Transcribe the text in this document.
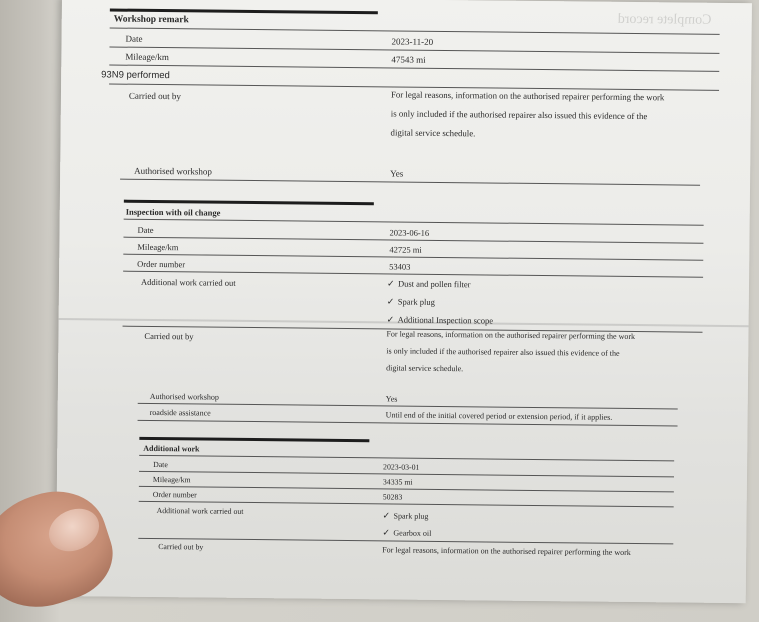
Complete record
Workshop remark
Date	2023-11-20
Mileage/km	47543 mi
93N9 performed
Carried out by	For legal reasons, information on the authorised repairer performing the work
is only included if the authorised repairer also issued this evidence of the
digital service schedule.
Authorised workshop	Yes
Inspection with oil change
Date	2023-06-16
Mileage/km	42725 mi
Order number	53403
Additional work carried out	✓ Dust and pollen filter
✓ Spark plug
✓ Additional Inspection scope
Carried out by	For legal reasons, information on the authorised repairer performing the work
is only included if the authorised repairer also issued this evidence of the
digital service schedule.
Authorised workshop	Yes
roadside assistance	Until end of the initial covered period or extension period, if it applies.
Additional work
Date	2023-03-01
Mileage/km	34335 mi
Order number	50283
Additional work carried out
✓ Spark plug
✓ Gearbox oil
Carried out by	For legal reasons, information on the authorised repairer performing the work
